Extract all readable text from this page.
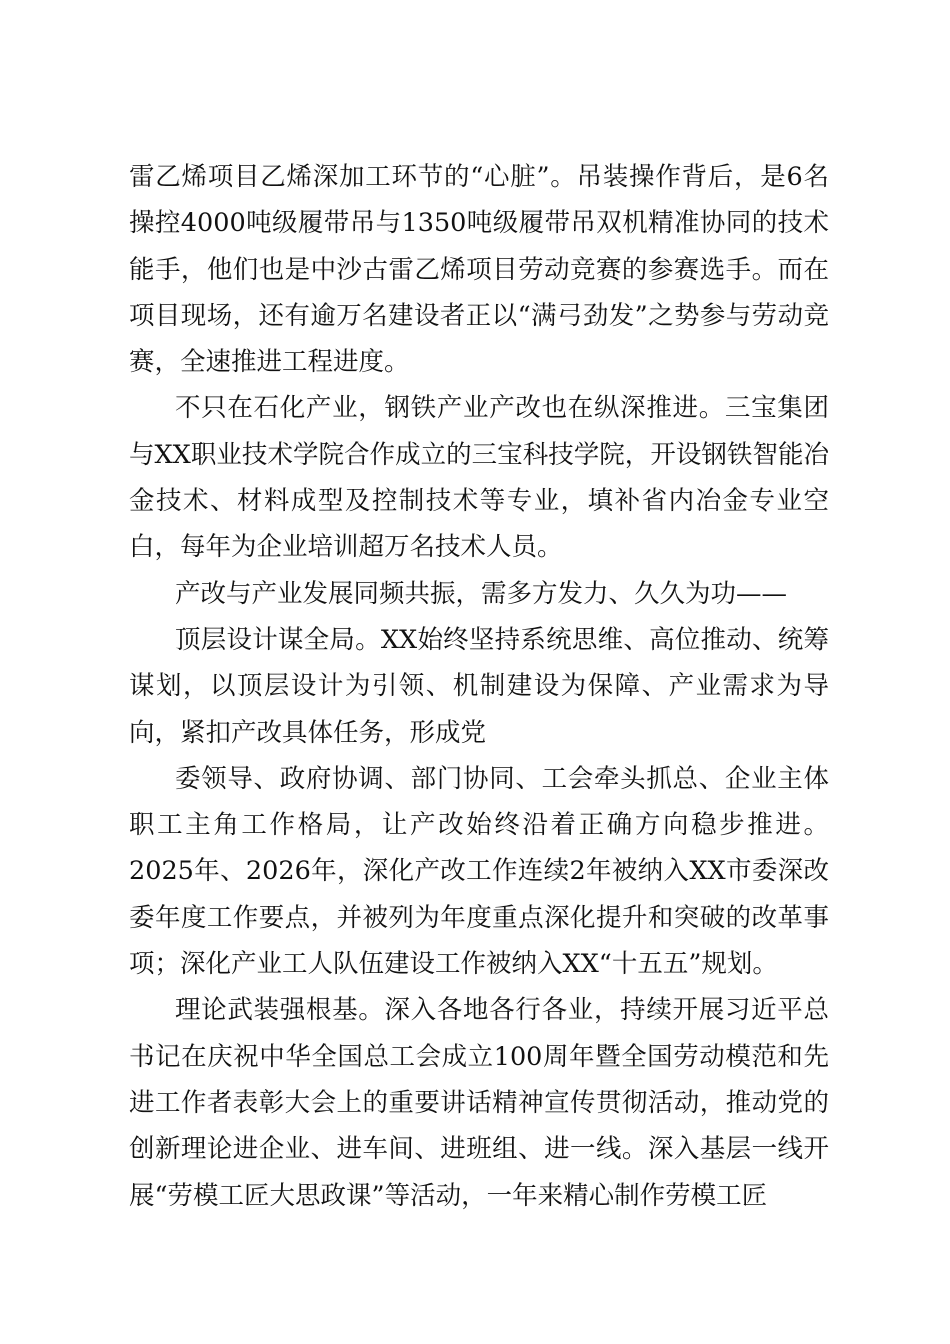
雷乙烯项目乙烯深加工环节的“心脏”。吊装操作背后，是6名操控4000吨级履带吊与1350吨级履带吊双机精准协同的技术能手，他们也是中沙古雷乙烯项目劳动竞赛的参赛选手。而在项目现场，还有逾万名建设者正以“满弓劲发”之势参与劳动竞赛，全速推进工程进度。

不只在石化产业，钢铁产业产改也在纵深推进。三宝集团与XX职业技术学院合作成立的三宝科技学院，开设钢铁智能冶金技术、材料成型及控制技术等专业，填补省内冶金专业空白，每年为企业培训超万名技术人员。

产改与产业发展同频共振，需多方发力、久久为功——

顶层设计谋全局。XX始终坚持系统思维、高位推动、统筹谋划，以顶层设计为引领、机制建设为保障、产业需求为导向，紧扣产改具体任务，形成党

委领导、政府协调、部门协同、工会牵头抓总、企业主体职工主角工作格局，让产改始终沿着正确方向稳步推进。2025年、2026年，深化产改工作连续2年被纳入XX市委深改委年度工作要点，并被列为年度重点深化提升和突破的改革事项；深化产业工人队伍建设工作被纳入XX“十五五”规划。

理论武装强根基。深入各地各行各业，持续开展习近平总书记在庆祝中华全国总工会成立100周年暨全国劳动模范和先进工作者表彰大会上的重要讲话精神宣传贯彻活动，推动党的创新理论进企业、进车间、进班组、进一线。深入基层一线开展“劳模工匠大思政课”等活动，一年来精心制作劳模工匠
